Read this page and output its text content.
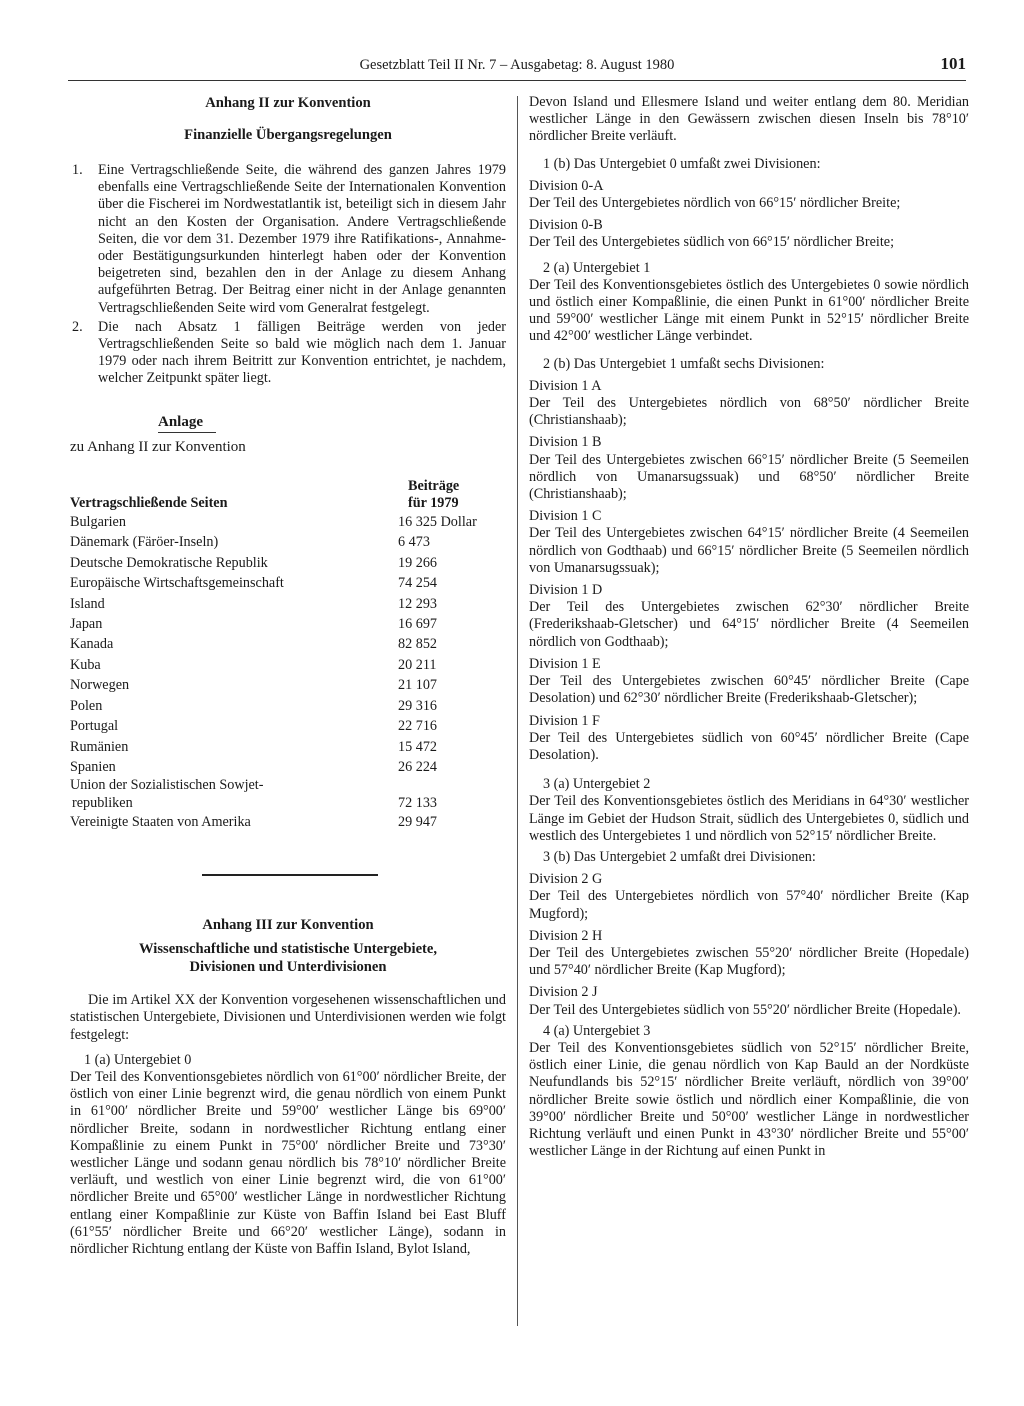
Gesetzblatt Teil II Nr. 7 – Ausgabetag: 8. August 1980	101
Anhang II zur Konvention
Finanzielle Übergangsregelungen
1. Eine Vertragschließende Seite, die während des ganzen Jahres 1979 ebenfalls eine Vertragschließende Seite der Internationalen Konvention über die Fischerei im Nordwestatlantik ist, beteiligt sich in diesem Jahr nicht an den Kosten der Organisation. Andere Vertragschließende Seiten, die vor dem 31. Dezember 1979 ihre Ratifikations-, Annahme- oder Bestätigungsurkunden hinterlegt haben oder der Konvention beigetreten sind, bezahlen den in der Anlage zu diesem Anhang aufgeführten Betrag. Der Beitrag einer nicht in der Anlage genannten Vertragschließenden Seite wird vom Generalrat festgelegt.
2. Die nach Absatz 1 fälligen Beiträge werden von jeder Vertragschließenden Seite so bald wie möglich nach dem 1. Januar 1979 oder nach ihrem Beitritt zur Konvention entrichtet, je nachdem, welcher Zeitpunkt später liegt.

Anlage

zu Anhang II zur Konvention

Vertragschließende Seiten	Beiträge
für 1979
Bulgarien	16 325 Dollar
Dänemark (Färöer-Inseln)	6 473
Deutsche Demokratische Republik	19 266
Europäische Wirtschaftsgemeinschaft	74 254
Island	12 293
Japan	16 697
Kanada	82 852
Kuba	20 211
Norwegen	21 107
Polen	29 316
Portugal	22 716
Rumänien	15 472
Spanien	26 224
Union der Sozialistischen Sowjet-
republiken	72 133
Vereinigte Staaten von Amerika	29 947
Anhang III zur Konvention
Wissenschaftliche und statistische Untergebiete,
Divisionen und Unterdivisionen

Die im Artikel XX der Konvention vorgesehenen wissenschaftlichen und statistischen Untergebiete, Divisionen und Unterdivisionen werden wie folgt festgelegt:

1 (a) Untergebiet 0

Der Teil des Konventionsgebietes nördlich von 61°00′ nördlicher Breite, der östlich von einer Linie begrenzt wird, die genau nördlich von einem Punkt in 61°00′ nördlicher Breite und 59°00′ westlicher Länge bis 69°00′ nördlicher Breite, sodann in nordwestlicher Richtung entlang einer Kompaßlinie zu einem Punkt in 75°00′ nördlicher Breite und 73°30′ westlicher Länge und sodann genau nördlich bis 78°10′ nördlicher Breite verläuft, und westlich von einer Linie begrenzt wird, die von 61°00′ nördlicher Breite und 65°00′ westlicher Länge in nordwestlicher Richtung entlang einer Kompaßlinie zur Küste von Baffin Island bei East Bluff (61°55′ nördlicher Breite und 66°20′ westlicher Länge), sodann in nördlicher Richtung entlang der Küste von Baffin Island, Bylot Island,

Devon Island und Ellesmere Island und weiter entlang dem 80. Meridian westlicher Länge in den Gewässern zwischen diesen Inseln bis 78°10′ nördlicher Breite verläuft.

1 (b) Das Untergebiet 0 umfaßt zwei Divisionen:

Division 0-A

Der Teil des Untergebietes nördlich von 66°15′ nördlicher Breite;

Division 0-B

Der Teil des Untergebietes südlich von 66°15′ nördlicher Breite;

2 (a) Untergebiet 1

Der Teil des Konventionsgebietes östlich des Untergebietes 0 sowie nördlich und östlich einer Kompaßlinie, die einen Punkt in 61°00′ nördlicher Breite und 59°00′ westlicher Länge mit einem Punkt in 52°15′ nördlicher Breite und 42°00′ westlicher Länge verbindet.

2 (b) Das Untergebiet 1 umfaßt sechs Divisionen:

Division 1 A

Der Teil des Untergebietes nördlich von 68°50′ nördlicher Breite (Christianshaab);

Division 1 B

Der Teil des Untergebietes zwischen 66°15′ nördlicher Breite (5 Seemeilen nördlich von Umanarsugssuak) und 68°50′ nördlicher Breite (Christianshaab);

Division 1 C

Der Teil des Untergebietes zwischen 64°15′ nördlicher Breite (4 Seemeilen nördlich von Godthaab) und 66°15′ nördlicher Breite (5 Seemeilen nördlich von Umanarsugssuak);

Division 1 D

Der Teil des Untergebietes zwischen 62°30′ nördlicher Breite (Frederikshaab-Gletscher) und 64°15′ nördlicher Breite (4 Seemeilen nördlich von Godthaab);

Division 1 E

Der Teil des Untergebietes zwischen 60°45′ nördlicher Breite (Cape Desolation) und 62°30′ nördlicher Breite (Frederikshaab-Gletscher);

Division 1 F

Der Teil des Untergebietes südlich von 60°45′ nördlicher Breite (Cape Desolation).

3 (a) Untergebiet 2

Der Teil des Konventionsgebietes östlich des Meridians in 64°30′ westlicher Länge im Gebiet der Hudson Strait, südlich des Untergebietes 0, südlich und westlich des Untergebietes 1 und nördlich von 52°15′ nördlicher Breite.

3 (b) Das Untergebiet 2 umfaßt drei Divisionen:

Division 2 G

Der Teil des Untergebietes nördlich von 57°40′ nördlicher Breite (Kap Mugford);

Division 2 H

Der Teil des Untergebietes zwischen 55°20′ nördlicher Breite (Hopedale) und 57°40′ nördlicher Breite (Kap Mugford);

Division 2 J

Der Teil des Untergebietes südlich von 55°20′ nördlicher Breite (Hopedale).

4 (a) Untergebiet 3

Der Teil des Konventionsgebietes südlich von 52°15′ nördlicher Breite, östlich einer Linie, die genau nördlich von Kap Bauld an der Nordküste Neufundlands bis 52°15′ nördlicher Breite verläuft, nördlich von 39°00′ nördlicher Breite sowie östlich und nördlich einer Kompaßlinie, die von 39°00′ nördlicher Breite und 50°00′ westlicher Länge in nordwestlicher Richtung verläuft und einen Punkt in 43°30′ nördlicher Breite und 55°00′ westlicher Länge in der Richtung auf einen Punkt in
